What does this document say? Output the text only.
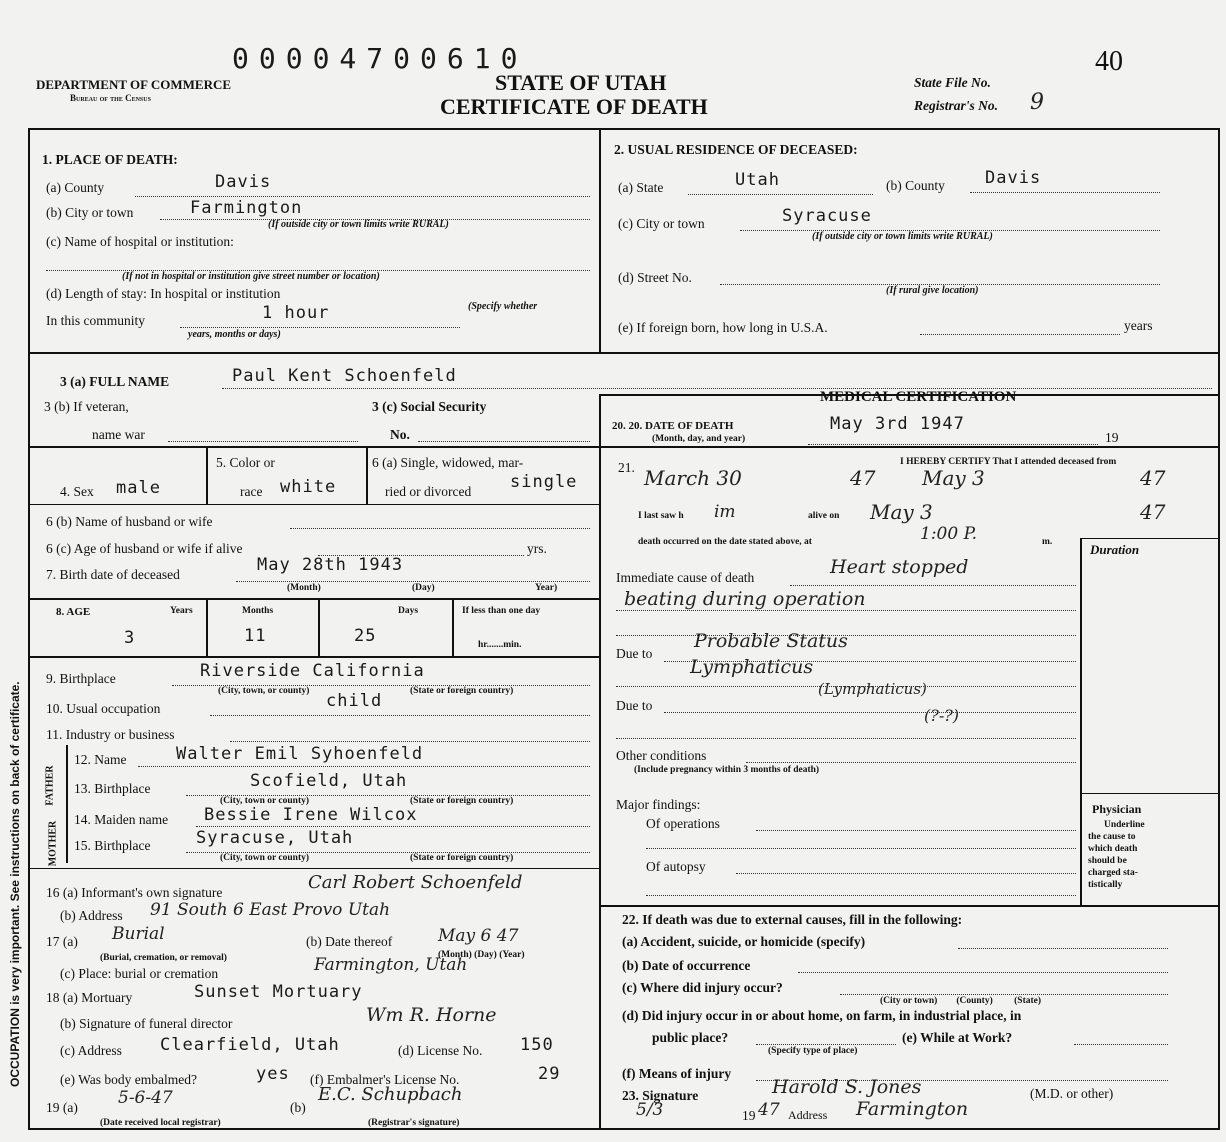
OCCUPATION is very important. See instructions on back of certificate.
00004700610
DEPARTMENT OF COMMERCE
Bureau of the Census
STATE OF UTAH
CERTIFICATE OF DEATH
State File No.
40
Registrar's No. 9
1. PLACE OF DEATH:
(a) County	Davis
(b) City or town	Farmington
(If outside city or town limits write RURAL)
(c) Name of hospital or institution:
(If not in hospital or institution give street number or location)
(d) Length of stay: In hospital or institution
(Specify whether
In this community	1 hour
years, months or days)
2. USUAL RESIDENCE OF DECEASED:
(a) State	Utah	(b) County Davis
(c) City or town	Syracuse
(If outside city or town limits write RURAL)
(d) Street No.
(If rural give location)
(e) If foreign born, how long in U.S.A.	years
3 (a) FULL NAME	Paul Kent Schoenfeld
3 (b) If veteran,
name war
3 (c) Social Security
No.
MEDICAL CERTIFICATION
20. 20. DATE OF DEATH
(Month, day, and year)
May 3rd 1947
19
4. Sex male
5. Color or
race white
6 (a) Single, widowed, mar-
ried or divorced single
6 (b) Name of husband or wife
6 (c) Age of husband or wife if alive	yrs.
7. Birth date of deceased	May 28th 1943
(Month)	(Day)	Year)
8. AGE	Years	Months	Days	If less than one day
3	11	25	hr.......min.
9. Birthplace	Riverside California
(City, town, or county)	(State or foreign country)
10. Usual occupation	child
11. Industry or business
FATHER
MOTHER
12. Name	Walter Emil Syhoenfeld
13. Birthplace	Scofield, Utah
(City, town or county)	(State or foreign country)
14. Maiden name Bessie Irene Wilcox
15. Birthplace	Syracuse, Utah
(City, town or county)	(State or foreign country)
16 (a) Informant's own signature	Carl Robert Schoenfeld
(b) Address 91 South 6 East Provo Utah
17 (a) Burial
(Burial, cremation, or removal)
(b) Date thereof	May 6 47
(Month) (Day) (Year)
(c) Place: burial or cremation	Farmington, Utah
18 (a) Mortuary	Sunset Mortuary
(b) Signature of funeral director	Wm R. Horne
(c) Address Clearfield, Utah	(d) License No. 150
(e) Was body embalmed?	yes (f) Embalmer's License No.	29
19 (a) 5-6-47	(b)
E.C. Schupbach
(Date received local registrar)	(Registrar's signature)
21.	I HEREBY CERTIFY That I attended deceased from
March 30	47 May 3	47
I last saw h im	alive on May 3	47
death occurred on the date stated above, at	1:00 P.	m.	Duration
Immediate cause of death	Heart stopped
beating during operation
Due to
Probable Status
Lymphaticus
(Lymphaticus)
Due to
(?-?)
Other conditions
(Include pregnancy within 3 months of death)
Major findings:
Of operations
Of autopsy
Physician
Underline
the cause to
which death
should be
charged sta-
tistically
22. If death was due to external causes, fill in the following:
(a) Accident, suicide, or homicide (specify)
(b) Date of occurrence
(c) Where did injury occur?
(City or town)        (County)         (State)
(d) Did injury occur in or about home, on farm, in industrial place, in
public place?	(e) While at Work?
(Specify type of place)
(f) Means of injury
23. Signature	Harold S. Jones	(M.D. or other)
5/3	19 47 Address Farmington
